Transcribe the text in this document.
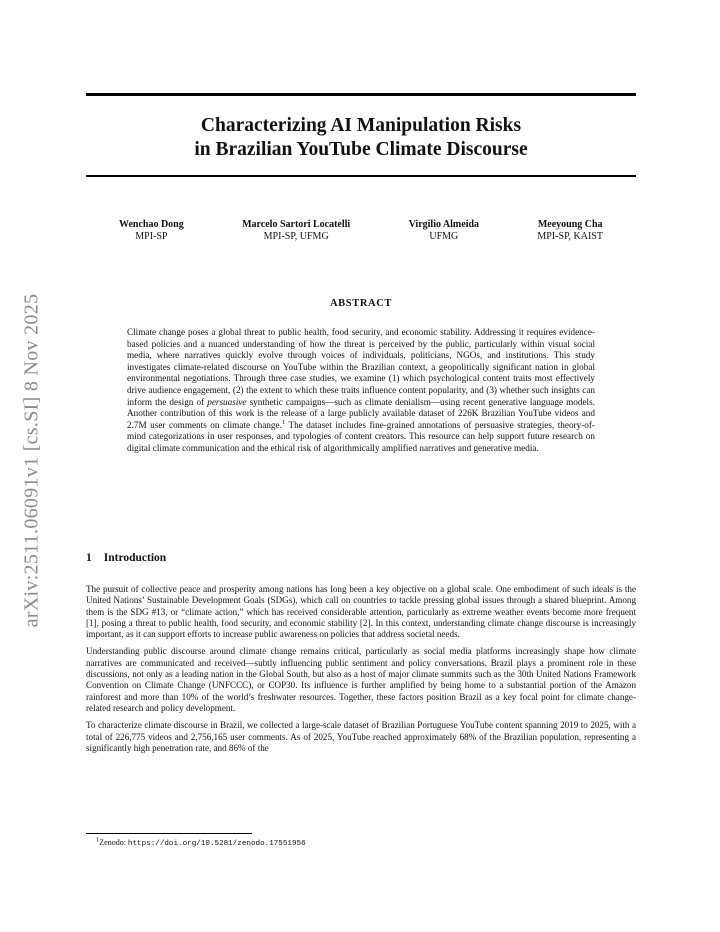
arXiv:2511.06091v1 [cs.SI] 8 Nov 2025
Characterizing AI Manipulation Risks
in Brazilian YouTube Climate Discourse
Wenchao Dong
MPI-SP
Marcelo Sartori Locatelli
MPI-SP, UFMG
Virgilio Almeida
UFMG
Meeyoung Cha
MPI-SP, KAIST
ABSTRACT
Climate change poses a global threat to public health, food security, and economic stability. Addressing it requires evidence-based policies and a nuanced understanding of how the threat is perceived by the public, particularly within visual social media, where narratives quickly evolve through voices of individuals, politicians, NGOs, and institutions. This study investigates climate-related discourse on YouTube within the Brazilian context, a geopolitically significant nation in global environmental negotiations. Through three case studies, we examine (1) which psychological content traits most effectively drive audience engagement, (2) the extent to which these traits influence content popularity, and (3) whether such insights can inform the design of persuasive synthetic campaigns—such as climate denialism—using recent generative language models. Another contribution of this work is the release of a large publicly available dataset of 226K Brazilian YouTube videos and 2.7M user comments on climate change.$^1$ The dataset includes fine-grained annotations of persuasive strategies, theory-of-mind categorizations in user responses, and typologies of content creators. This resource can help support future research on digital climate communication and the ethical risk of algorithmically amplified narratives and generative media.
1 Introduction

The pursuit of collective peace and prosperity among nations has long been a key objective on a global scale. One embodiment of such ideals is the United Nations’ Sustainable Development Goals (SDGs), which call on countries to tackle pressing global issues through a shared blueprint. Among them is the SDG #13, or “climate action,” which has received considerable attention, particularly as extreme weather events become more frequent [1], posing a threat to public health, food security, and economic stability [2]. In this context, understanding climate change discourse is increasingly important, as it can support efforts to increase public awareness on policies that address societal needs.

Understanding public discourse around climate change remains critical, particularly as social media platforms increasingly shape how climate narratives are communicated and received—subtly influencing public sentiment and policy conversations. Brazil plays a prominent role in these discussions, not only as a leading nation in the Global South, but also as a host of major climate summits such as the 30th United Nations Framework Convention on Climate Change (UNFCCC), or COP30. Its influence is further amplified by being home to a substantial portion of the Amazon rainforest and more than 10% of the world’s freshwater resources. Together, these factors position Brazil as a key focal point for climate change-related research and policy development.

To characterize climate discourse in Brazil, we collected a large-scale dataset of Brazilian Portuguese YouTube content spanning 2019 to 2025, with a total of 226,775 videos and 2,756,165 user comments. As of 2025, YouTube reached approximately 68% of the Brazilian population, representing a significantly high penetration rate, and 86% of the

$^1$Zenodo: https://doi.org/10.5281/zenodo.17551956
